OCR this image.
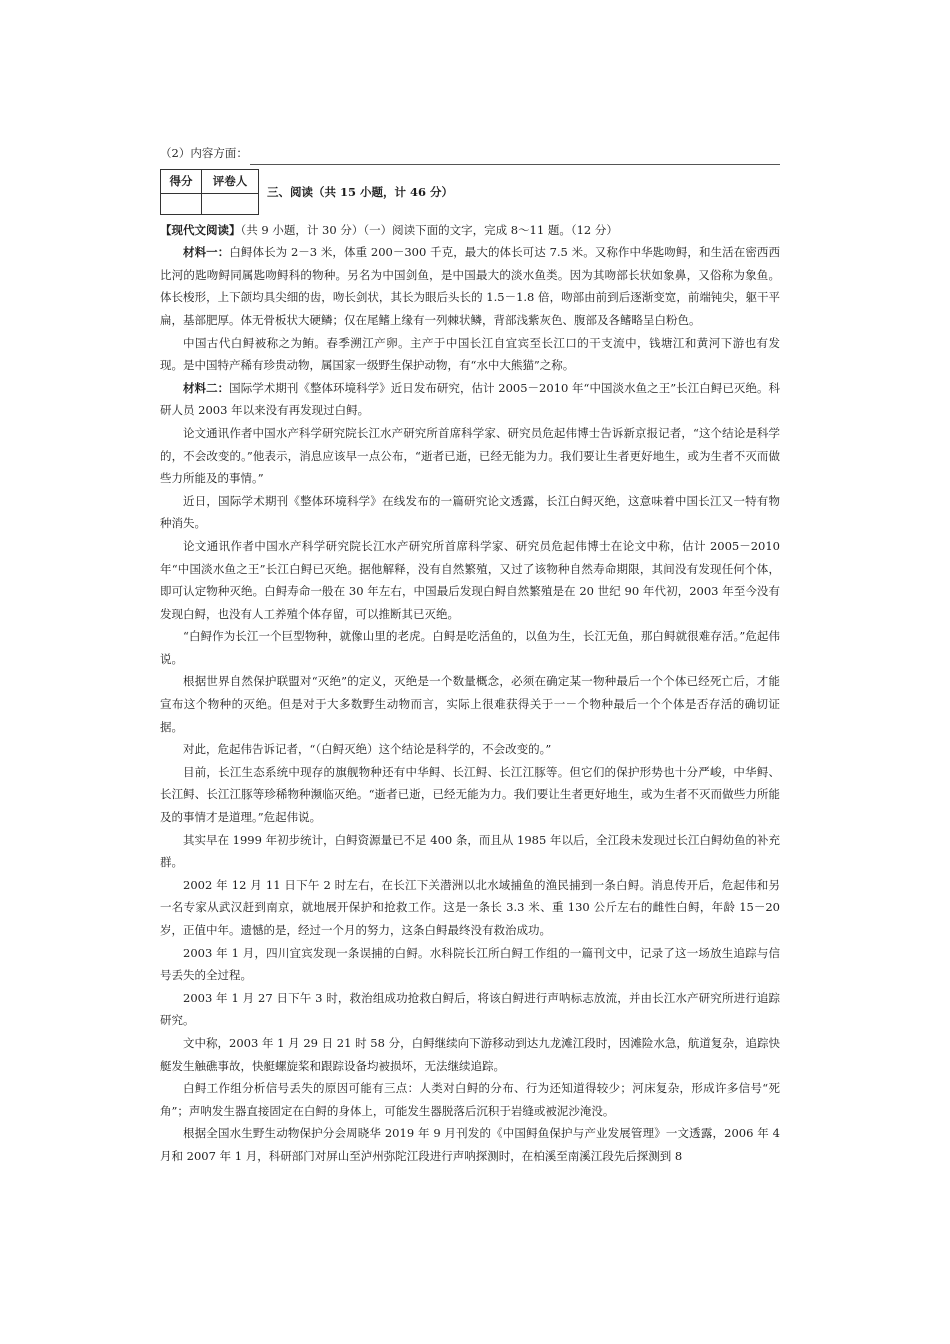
（2）内容方面：
得分	评卷人

三、阅读（共 15 小题，计 46 分）
【现代文阅读】（共 9 小题，计 30 分）（一）阅读下面的文字，完成 8～11 题。（12 分）

材料一：白鲟体长为 2－3 米，体重 200－300 千克，最大的体长可达 7.5 米。又称作中华匙吻鲟，和生活在密西西比河的匙吻鲟同属匙吻鲟科的物种。另名为中国剑鱼，是中国最大的淡水鱼类。因为其吻部长状如象鼻，又俗称为象鱼。体长梭形，上下颌均具尖细的齿，吻长剑状，其长为眼后头长的 1.5－1.8 倍，吻部由前到后逐渐变宽，前端钝尖，躯干平扁，基部肥厚。体无骨板状大硬鳞；仅在尾鳍上缘有一列棘状鳞，背部浅紫灰色、腹部及各鳍略呈白粉色。

中国古代白鲟被称之为鲔。春季溯江产卵。主产于中国长江自宜宾至长江口的干支流中，钱塘江和黄河下游也有发现。是中国特产稀有珍贵动物，属国家一级野生保护动物，有“水中大熊猫”之称。

材料二：国际学术期刊《整体环境科学》近日发布研究，估计 2005－2010 年“中国淡水鱼之王”长江白鲟已灭绝。科研人员 2003 年以来没有再发现过白鲟。

论文通讯作者中国水产科学研究院长江水产研究所首席科学家、研究员危起伟博士告诉新京报记者，“这个结论是科学的，不会改变的。”他表示，消息应该早一点公布，“逝者已逝，已经无能为力。我们要让生者更好地生，或为生者不灭而做些力所能及的事情。”

近日，国际学术期刊《整体环境科学》在线发布的一篇研究论文透露，长江白鲟灭绝，这意味着中国长江又一特有物种消失。

论文通讯作者中国水产科学研究院长江水产研究所首席科学家、研究员危起伟博士在论文中称，估计 2005－2010 年“中国淡水鱼之王”长江白鲟已灭绝。据他解释，没有自然繁殖，又过了该物种自然寿命期限，其间没有发现任何个体，即可认定物种灭绝。白鲟寿命一般在 30 年左右，中国最后发现白鲟自然繁殖是在 20 世纪 90 年代初，2003 年至今没有发现白鲟，也没有人工养殖个体存留，可以推断其已灭绝。

“白鲟作为长江一个巨型物种，就像山里的老虎。白鲟是吃活鱼的，以鱼为生，长江无鱼，那白鲟就很难存活。”危起伟说。

根据世界自然保护联盟对“灭绝”的定义，灭绝是一个数量概念，必须在确定某一物种最后一个个体已经死亡后，才能宣布这个物种的灭绝。但是对于大多数野生动物而言，实际上很难获得关于一－个物种最后一个个体是否存活的确切证据。

对此，危起伟告诉记者，“（白鲟灭绝）这个结论是科学的，不会改变的。”

目前，长江生态系统中现存的旗舰物种还有中华鲟、长江鲟、长江江豚等。但它们的保护形势也十分严峻，中华鲟、长江鲟、长江江豚等珍稀物种濒临灭绝。“逝者已逝，已经无能为力。我们要让生者更好地生，或为生者不灭而做些力所能及的事情才是道理。”危起伟说。

其实早在 1999 年初步统计，白鲟资源量已不足 400 条，而且从 1985 年以后，全江段未发现过长江白鲟幼鱼的补充群。

2002 年 12 月 11 日下午 2 时左右，在长江下关潜洲以北水域捕鱼的渔民捕到一条白鲟。消息传开后，危起伟和另一名专家从武汉赶到南京，就地展开保护和抢救工作。这是一条长 3.3 米、重 130 公斤左右的雌性白鲟，年龄 15－20 岁，正值中年。遗憾的是，经过一个月的努力，这条白鲟最终没有救治成功。

2003 年 1 月，四川宜宾发现一条误捕的白鲟。水科院长江所白鲟工作组的一篇刊文中，记录了这一场放生追踪与信号丢失的全过程。

2003 年 1 月 27 日下午 3 时，救治组成功抢救白鲟后，将该白鲟进行声呐标志放流，并由长江水产研究所进行追踪研究。

文中称，2003 年 1 月 29 日 21 时 58 分，白鲟继续向下游移动到达九龙滩江段时，因滩险水急，航道复杂，追踪快艇发生触礁事故，快艇螺旋桨和跟踪设备均被损坏，无法继续追踪。

白鲟工作组分析信号丢失的原因可能有三点：人类对白鲟的分布、行为还知道得较少；河床复杂，形成许多信号“死角”；声呐发生器直接固定在白鲟的身体上，可能发生器脱落后沉积于岩缝或被泥沙淹没。

根据全国水生野生动物保护分会周晓华 2019 年 9 月刊发的《中国鲟鱼保护与产业发展管理》一文透露，2006 年 4 月和 2007 年 1 月，科研部门对屏山至泸州弥陀江段进行声呐探测时，在柏溪至南溪江段先后探测到 8
